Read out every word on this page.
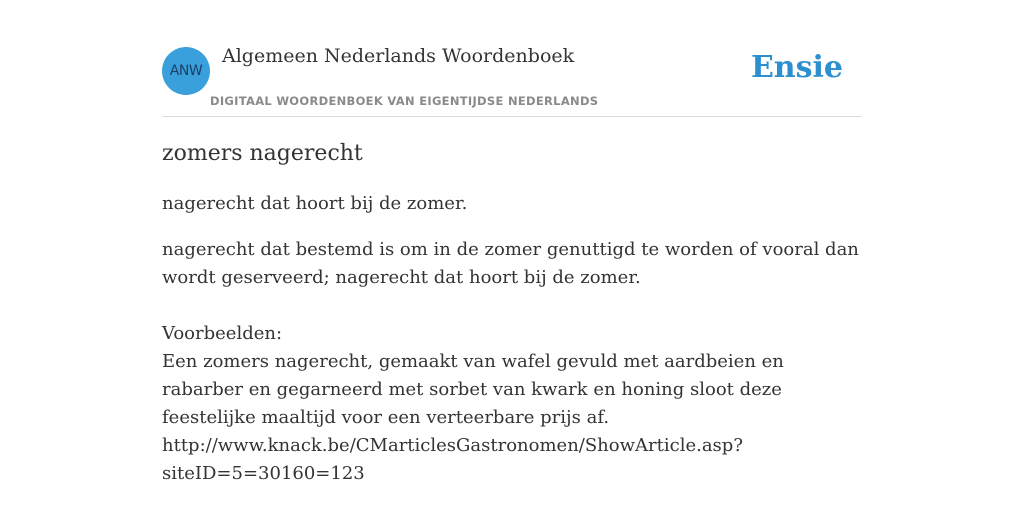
ANW
Algemeen Nederlands Woordenboek
DIGITAAL WOORDENBOEK VAN EIGENTIJDSE NEDERLANDS
Ensie
zomers nagerecht

nagerecht dat hoort bij de zomer.

nagerecht dat bestemd is om in de zomer genuttigd te worden of vooral dan wordt geserveerd; nagerecht dat hoort bij de zomer.

Voorbeelden:
Een zomers nagerecht, gemaakt van wafel gevuld met aardbeien en rabarber en gegarneerd met sorbet van kwark en honing sloot deze feestelijke maaltijd voor een verteerbare prijs af.
http://www.knack.be/CMarticlesGastronomen/ShowArticle.asp?siteID=5=30160=123
